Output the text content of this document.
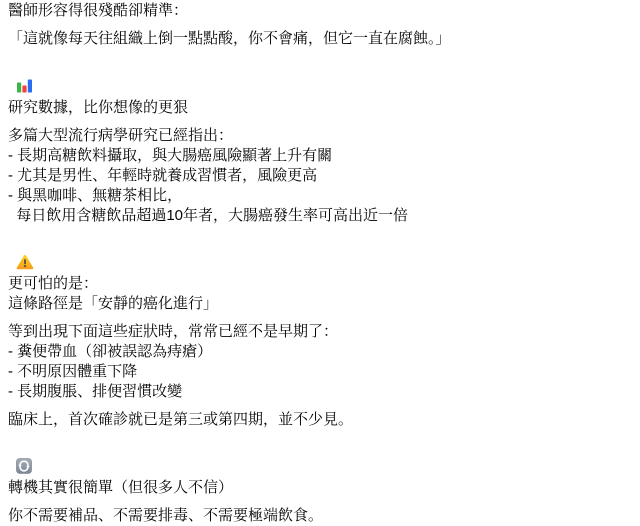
醫師形容得很殘酷卻精準：
「這就像每天往組織上倒一點點酸，你不會痛，但它一直在腐蝕。」

研究數據，比你想像的更狠
多篇大型流行病學研究已經指出：
- 長期高糖飲料攝取，與大腸癌風險顯著上升有關
- 尤其是男性、年輕時就養成習慣者，風險更高
- 與黑咖啡、無糖茶相比，
每日飲用含糖飲品超過10年者，大腸癌發生率可高出近一倍

更可怕的是：
這條路徑是「安靜的癌化進行」
等到出現下面這些症狀時，常常已經不是早期了：
- 糞便帶血（卻被誤認為痔瘡）
- 不明原因體重下降
- 長期腹脹、排便習慣改變
臨床上，首次確診就已是第三或第四期，並不少見。

轉機其實很簡單（但很多人不信）
你不需要補品、不需要排毒、不需要極端飲食。
